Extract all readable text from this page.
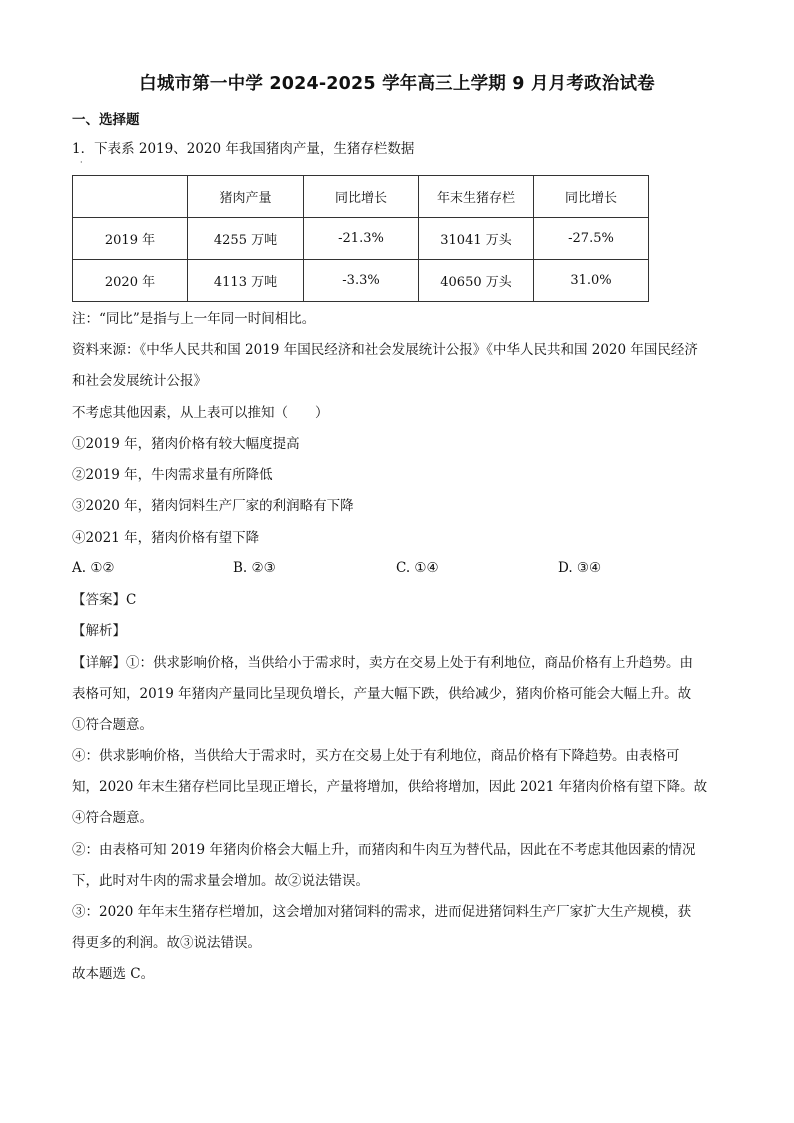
白城市第一中学 2024-2025 学年高三上学期 9 月月考政治试卷
一、选择题
1．下表系 2019、2020 年我国猪肉产量，生猪存栏数据
·
	猪肉产量	同比增长	年末生猪存栏	同比增长
2019 年	4255 万吨	-21.3%	31041 万头	-27.5%
2020 年	4113 万吨	-3.3%	40650 万头	31.0%
注：“同比”是指与上一年同一时间相比。
资料来源：《中华人民共和国 2019 年国民经济和社会发展统计公报》《中华人民共和国 2020 年国民经济
和社会发展统计公报》
不考虑其他因素，从上表可以推知（　　）
①2019 年，猪肉价格有较大幅度提高
②2019 年，牛肉需求量有所降低
③2020 年，猪肉饲料生产厂家的利润略有下降
④2021 年，猪肉价格有望下降
A. ①②	B. ②③	C. ①④	D. ③④
【答案】C
【解析】
【详解】①：供求影响价格，当供给小于需求时，卖方在交易上处于有利地位，商品价格有上升趋势。由
表格可知，2019 年猪肉产量同比呈现负增长，产量大幅下跌，供给减少，猪肉价格可能会大幅上升。故
①符合题意。
④：供求影响价格，当供给大于需求时，买方在交易上处于有利地位，商品价格有下降趋势。由表格可
知，2020 年末生猪存栏同比呈现正增长，产量将增加，供给将增加，因此 2021 年猪肉价格有望下降。故
④符合题意。
②：由表格可知 2019 年猪肉价格会大幅上升，而猪肉和牛肉互为替代品，因此在不考虑其他因素的情况
下，此时对牛肉的需求量会增加。故②说法错误。
③：2020 年年末生猪存栏增加，这会增加对猪饲料的需求，进而促进猪饲料生产厂家扩大生产规模，获
得更多的利润。故③说法错误。
故本题选 C。
